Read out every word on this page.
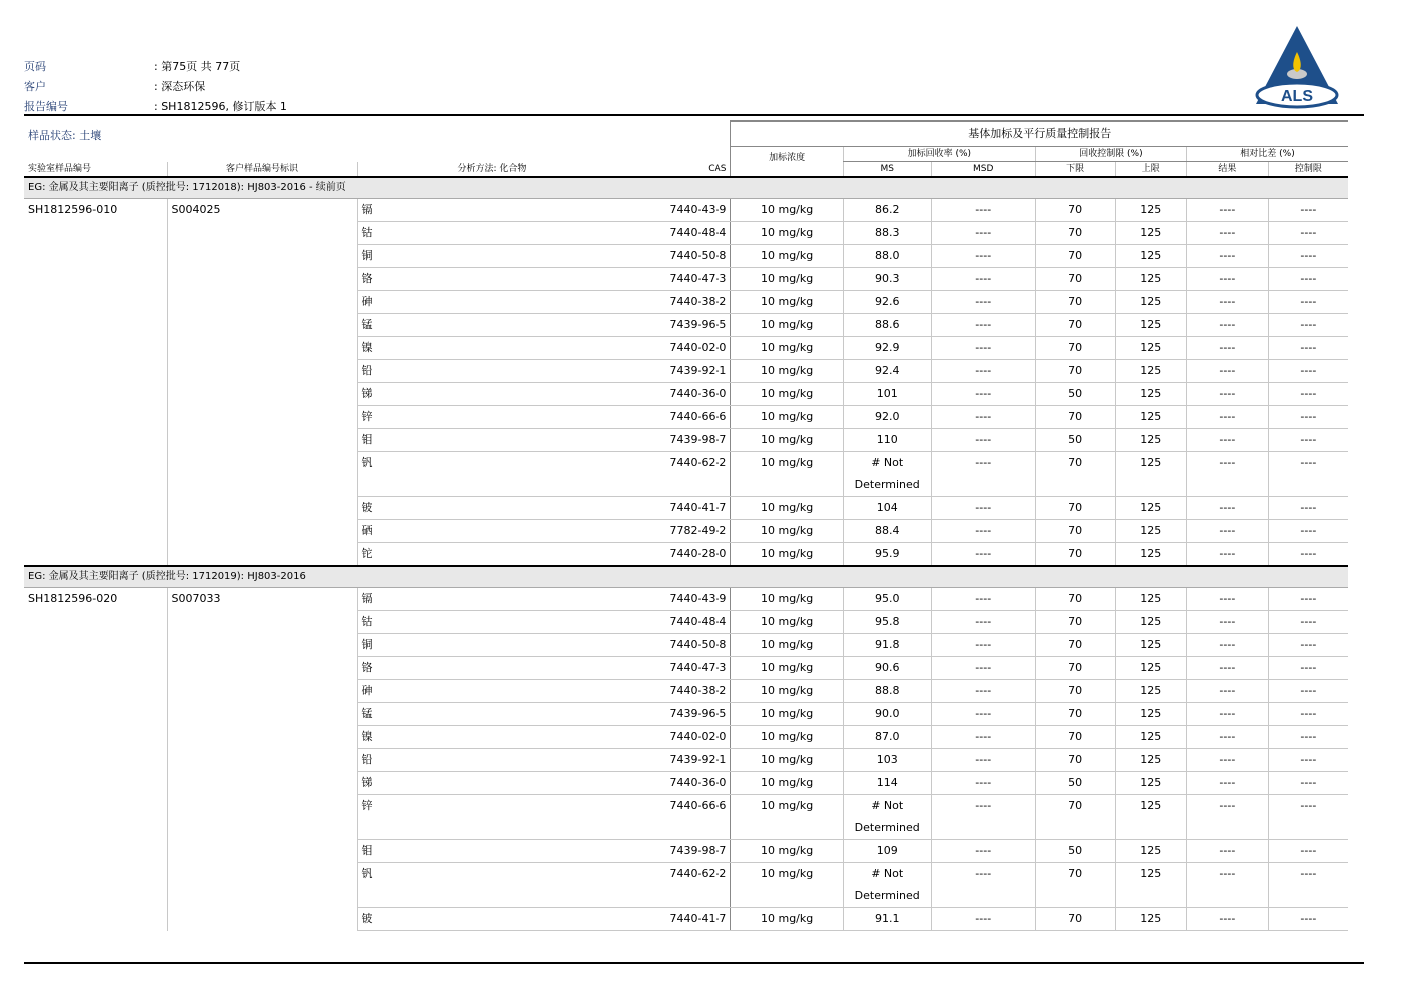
页码	: 第75页 共 77页
客户	: 深态环保
报告编号	: SH1812596, 修订版本 1
ALS
样品状态: 土壤			基体加标及平行质量控制报告						
			加标浓度	加标回收率 (%)		回收控制限 (%)		相对比差 (%)	
实验室样品编号	客户样品编号标识	分析方法: 化合物 CAS		MS	MSD	下限	上限	结果	控制限
EG: 金属及其主要阳离子 (质控批号: 1712018): HJ803-2016 - 续前页									
SH1812596-010	S004025	镉 7440-43-9	10 mg/kg	86.2	----	70	125	----	----
		钴 7440-48-4	10 mg/kg	88.3	----	70	125	----	----
		铜 7440-50-8	10 mg/kg	88.0	----	70	125	----	----
		铬 7440-47-3	10 mg/kg	90.3	----	70	125	----	----
		砷 7440-38-2	10 mg/kg	92.6	----	70	125	----	----
		锰 7439-96-5	10 mg/kg	88.6	----	70	125	----	----
		镍 7440-02-0	10 mg/kg	92.9	----	70	125	----	----
		铅 7439-92-1	10 mg/kg	92.4	----	70	125	----	----
		锑 7440-36-0	10 mg/kg	101	----	50	125	----	----
		锌 7440-66-6	10 mg/kg	92.0	----	70	125	----	----
		钼 7439-98-7	10 mg/kg	110	----	50	125	----	----
		钒 7440-62-2	10 mg/kg	# Not Determined	----	70	125	----	----
		铍 7440-41-7	10 mg/kg	104	----	70	125	----	----
		硒 7782-49-2	10 mg/kg	88.4	----	70	125	----	----
		铊 7440-28-0	10 mg/kg	95.9	----	70	125	----	----
EG: 金属及其主要阳离子 (质控批号: 1712019): HJ803-2016									
SH1812596-020	S007033	镉 7440-43-9	10 mg/kg	95.0	----	70	125	----	----
		钴 7440-48-4	10 mg/kg	95.8	----	70	125	----	----
		铜 7440-50-8	10 mg/kg	91.8	----	70	125	----	----
		铬 7440-47-3	10 mg/kg	90.6	----	70	125	----	----
		砷 7440-38-2	10 mg/kg	88.8	----	70	125	----	----
		锰 7439-96-5	10 mg/kg	90.0	----	70	125	----	----
		镍 7440-02-0	10 mg/kg	87.0	----	70	125	----	----
		铅 7439-92-1	10 mg/kg	103	----	70	125	----	----
		锑 7440-36-0	10 mg/kg	114	----	50	125	----	----
		锌 7440-66-6	10 mg/kg	# Not Determined	----	70	125	----	----
		钼 7439-98-7	10 mg/kg	109	----	50	125	----	----
		钒 7440-62-2	10 mg/kg	# Not Determined	----	70	125	----	----
		铍 7440-41-7	10 mg/kg	91.1	----	70	125	----	----
